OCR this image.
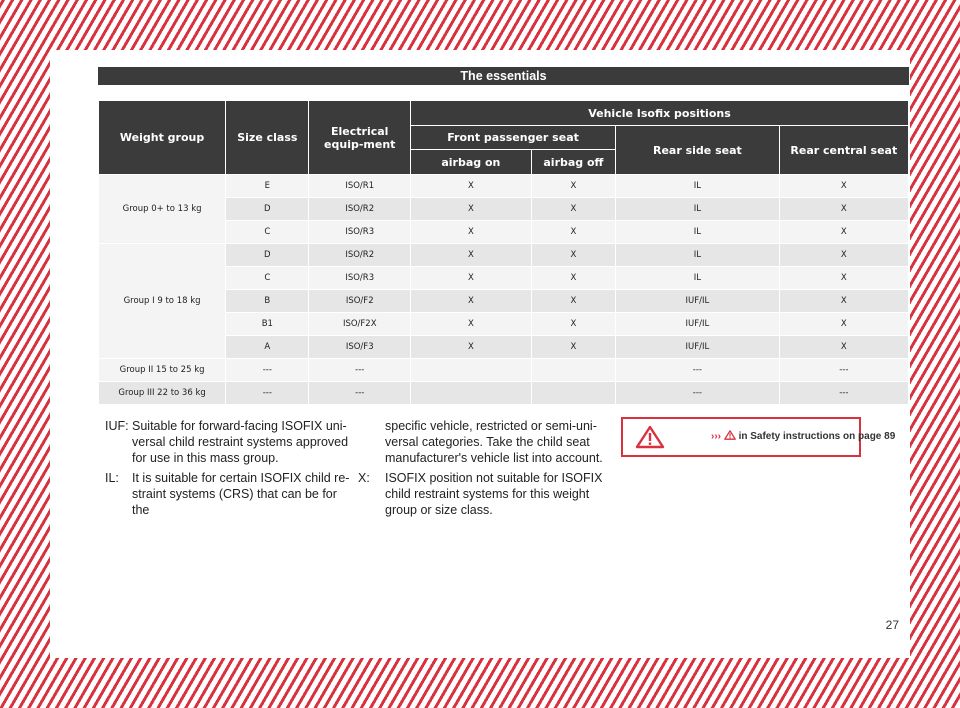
The essentials
Weight group	Size class	Electrical equip-ment	Vehicle Isofix positions			
			Front passenger seat		Rear side seat	Rear central seat
			airbag on	airbag off		
Group 0+ to 13 kg	E	ISO/R1	X	X	IL	X
	D	ISO/R2	X	X	IL	X
	C	ISO/R3	X	X	IL	X
Group I 9 to 18 kg	D	ISO/R2	X	X	IL	X
	C	ISO/R3	X	X	IL	X
	B	ISO/F2	X	X	IUF/IL	X
	B1	ISO/F2X	X	X	IUF/IL	X
	A	ISO/F3	X	X	IUF/IL	X
Group II 15 to 25 kg	---	---			---	---
Group III 22 to 36 kg	---	---			---	---
IUF: Suitable for forward-facing ISOFIX uni-versal child restraint systems approved for use in this mass group.
IL: It is suitable for certain ISOFIX child re-straint systems (CRS) that can be for the
specific vehicle, restricted or semi-uni-versal categories. Take the child seat manufacturer's vehicle list into account.
X: ISOFIX position not suitable for ISOFIX child restraint systems for this weight group or size class.
››› in Safety instructions on page 89
27
